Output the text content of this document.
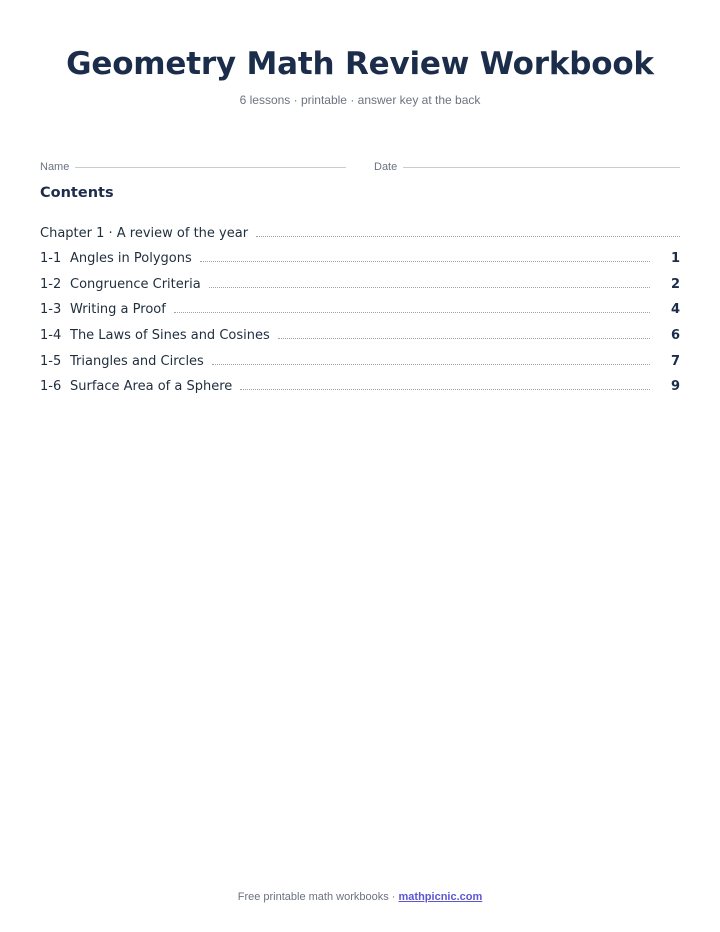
Geometry Math Review Workbook
6 lessons · printable · answer key at the back
Name	Date
Contents
Chapter 1 · A review of the year
1-1 Angles in Polygons	1
1-2 Congruence Criteria	2
1-3 Writing a Proof	4
1-4 The Laws of Sines and Cosines	6
1-5 Triangles and Circles	7
1-6 Surface Area of a Sphere	9
Free printable math workbooks · mathpicnic.com
